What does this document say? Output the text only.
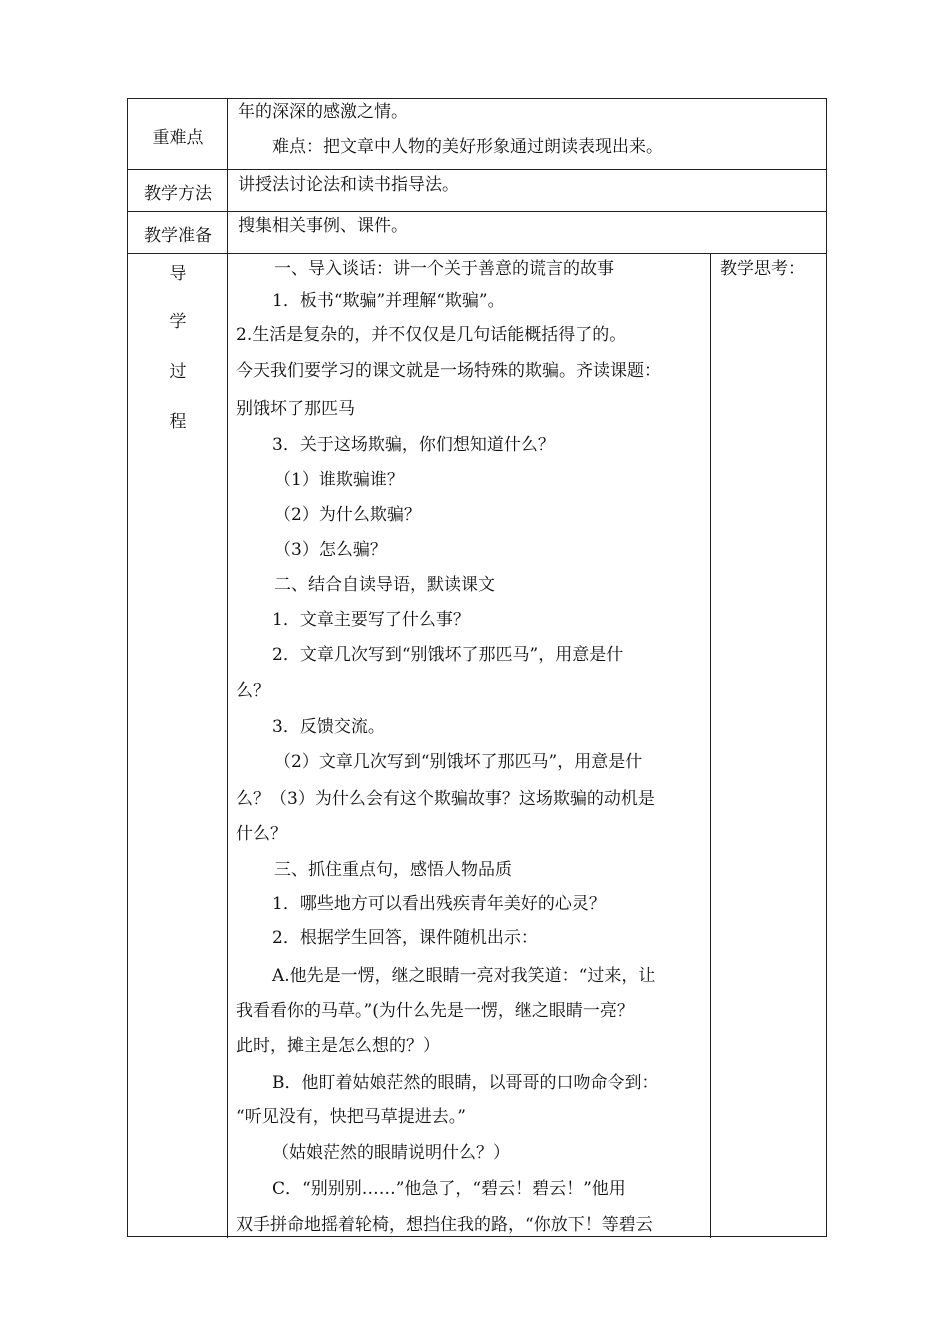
重难点
年的深深的感激之情。
难点：把文章中人物的美好形象通过朗读表现出来。
教学方法	讲授法讨论法和读书指导法。
教学准备	搜集相关事例、课件。
导
学
过
程
教学思考：
一、导入谈话：讲一个关于善意的谎言的故事
1．板书“欺骗”并理解“欺骗”。
2.生活是复杂的，并不仅仅是几句话能概括得了的。
今天我们要学习的课文就是一场特殊的欺骗。齐读课题：
别饿坏了那匹马
3．关于这场欺骗，你们想知道什么？
（1）谁欺骗谁？
（2）为什么欺骗？
（3）怎么骗？
二、结合自读导语，默读课文
1．文章主要写了什么事？
2．文章几次写到“别饿坏了那匹马”，用意是什
么？
3．反馈交流。
（2）文章几次写到“别饿坏了那匹马”，用意是什
么？（3）为什么会有这个欺骗故事？这场欺骗的动机是
什么？
三、抓住重点句，感悟人物品质
1．哪些地方可以看出残疾青年美好的心灵？
2．根据学生回答，课件随机出示：
A.他先是一愣，继之眼睛一亮对我笑道：“过来，让
我看看你的马草。”(为什么先是一愣，继之眼睛一亮？
此时，摊主是怎么想的？）
B．他盯着姑娘茫然的眼睛，以哥哥的口吻命令到：
“听见没有，快把马草提进去。”
（姑娘茫然的眼睛说明什么？）
C．“别别别……”他急了，“碧云！碧云！”他用
双手拼命地摇着轮椅，想挡住我的路，“你放下！等碧云
